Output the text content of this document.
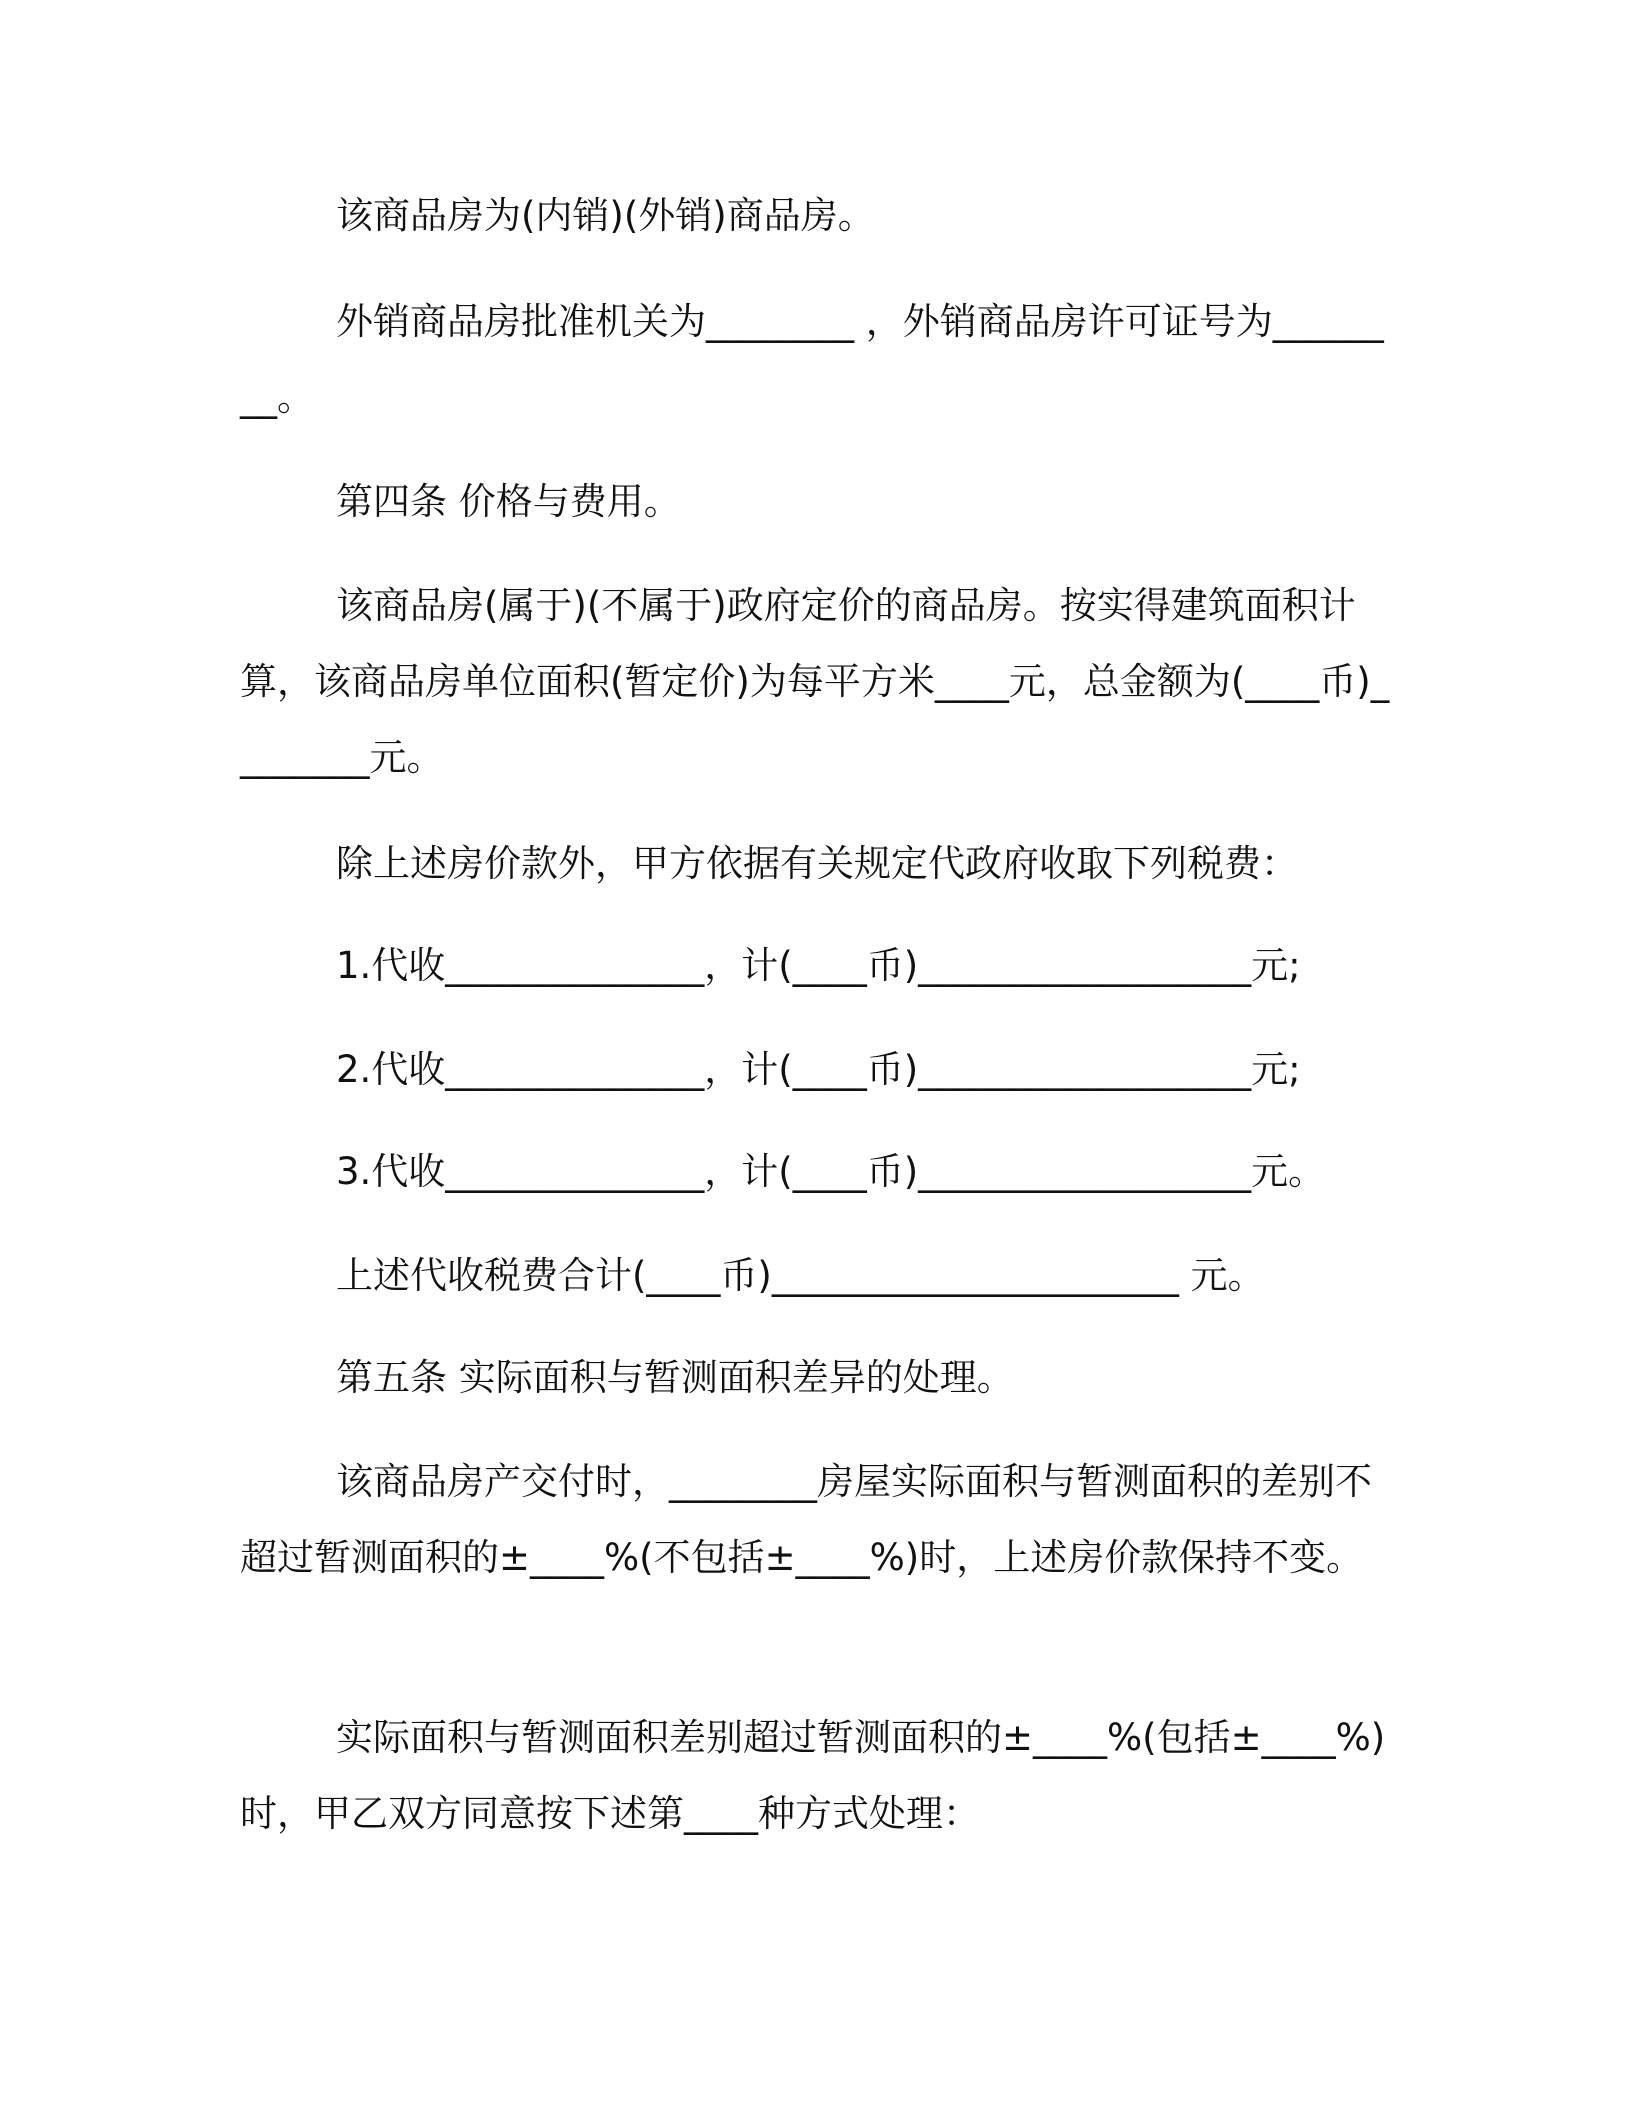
该商品房为(内销)(外销)商品房。

外销商品房批准机关为________ ，外销商品房许可证号为________。

第四条 价格与费用。

该商品房(属于)(不属于)政府定价的商品房。按实得建筑面积计算，该商品房单位面积(暂定价)为每平方米____元，总金额为(____币)________元。

除上述房价款外，甲方依据有关规定代政府收取下列税费：

1.代收______________，计(____币)__________________元;

2.代收______________，计(____币)__________________元;

3.代收______________，计(____币)__________________元。

上述代收税费合计(____币)______________________ 元。

第五条 实际面积与暂测面积差异的处理。

该商品房产交付时，________房屋实际面积与暂测面积的差别不超过暂测面积的±____%(不包括±____%)时，上述房价款保持不变。

实际面积与暂测面积差别超过暂测面积的±____%(包括±____%)时，甲乙双方同意按下述第____种方式处理：
